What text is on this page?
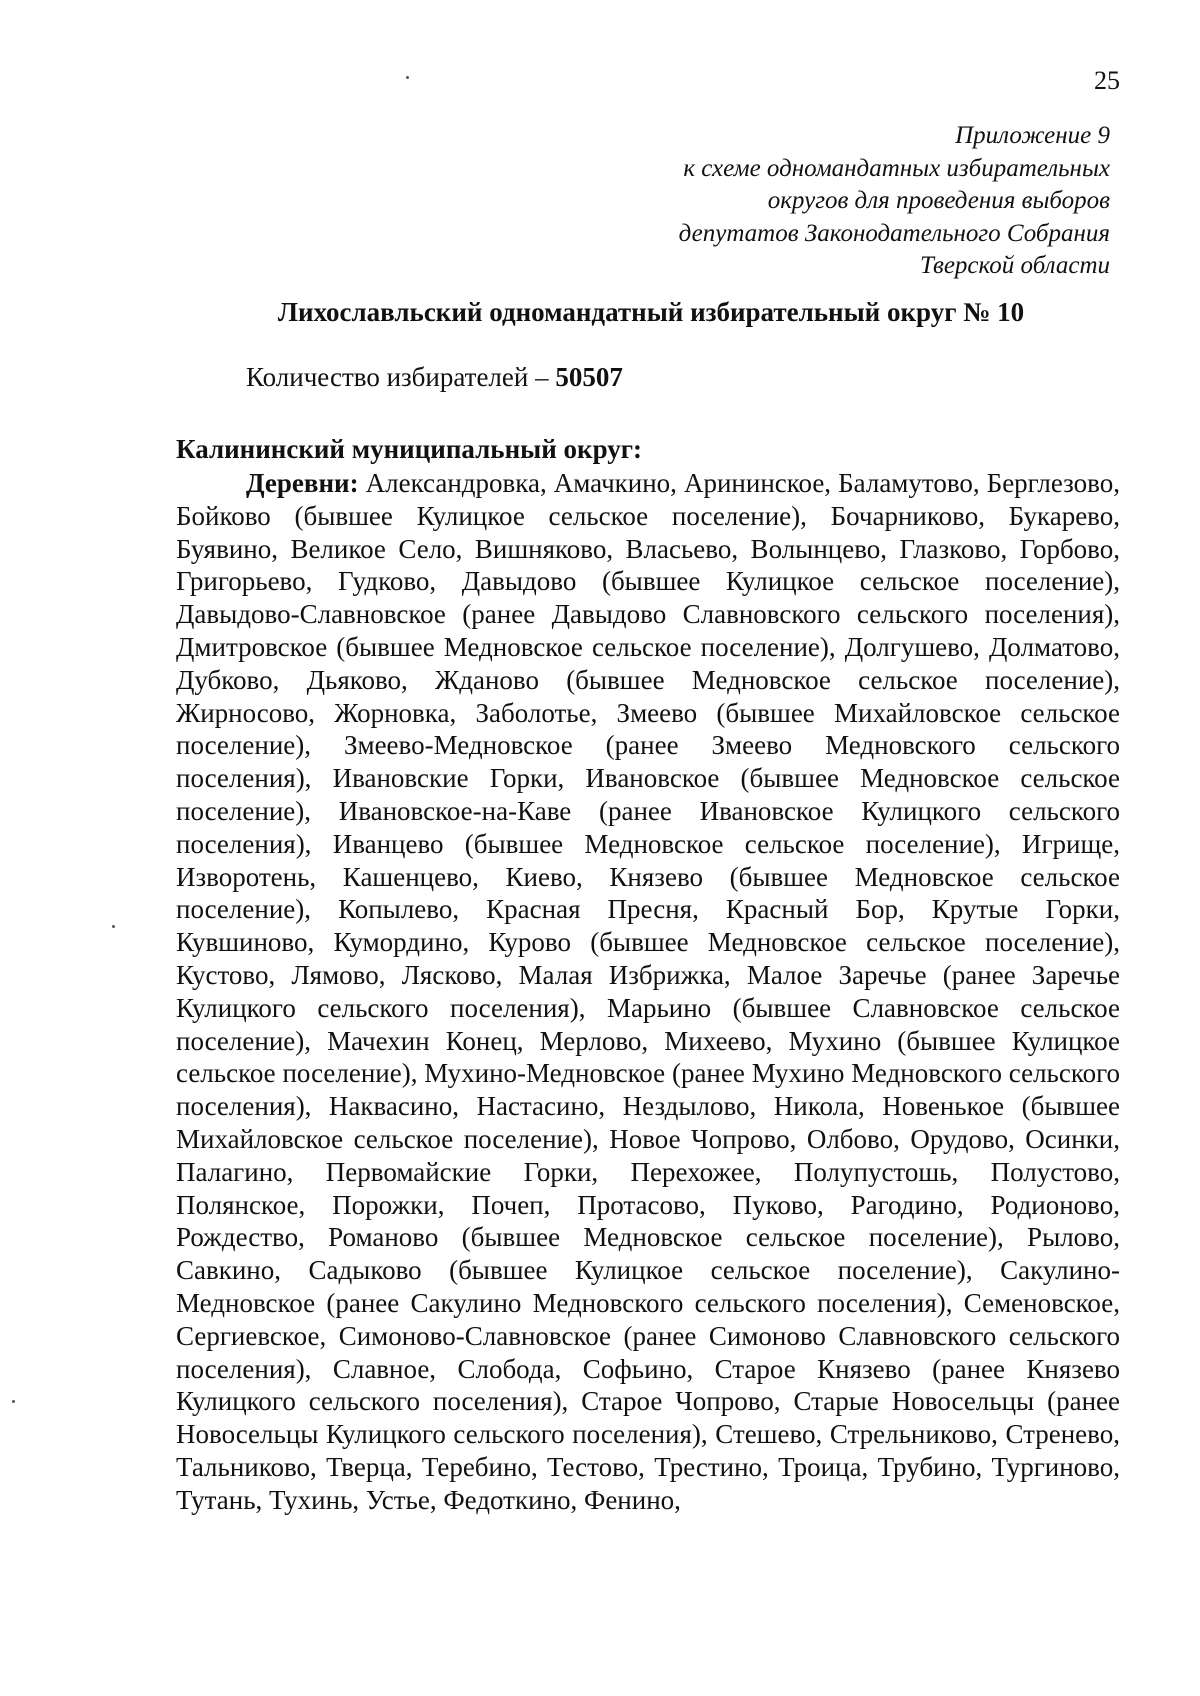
25
Приложение 9
к схеме одномандатных избирательных
округов для проведения выборов
депутатов Законодательного Собрания
Тверской области
Лихославльский одномандатный избирательный округ № 10
Количество избирателей – 50507
Калининский муниципальный округ:

Деревни: Александровка, Амачкино, Арининское, Баламутово, Берглезово, Бойково (бывшее Кулицкое сельское поселение), Бочарниково, Букарево, Буявино, Великое Село, Вишняково, Власьево, Волынцево, Глазково, Горбово, Григорьево, Гудково, Давыдово (бывшее Кулицкое сельское поселение), Давыдово-Славновское (ранее Давыдово Славновского сельского поселения), Дмитровское (бывшее Медновское сельское поселение), Долгушево, Долматово, Дубково, Дьяково, Жданово (бывшее Медновское сельское поселение), Жирносово, Жорновка, Заболотье, Змеево (бывшее Михайловское сельское поселение), Змеево-Медновское (ранее Змеево Медновского сельского поселения), Ивановские Горки, Ивановское (бывшее Медновское сельское поселение), Ивановское-на-Каве (ранее Ивановское Кулицкого сельского поселения), Иванцево (бывшее Медновское сельское поселение), Игрище, Изворотень, Кашенцево, Киево, Князево (бывшее Медновское сельское поселение), Копылево, Красная Пресня, Красный Бор, Крутые Горки, Кувшиново, Кумордино, Курово (бывшее Медновское сельское поселение), Кустово, Лямово, Лясково, Малая Избрижка, Малое Заречье (ранее Заречье Кулицкого сельского поселения), Марьино (бывшее Славновское сельское поселение), Мачехин Конец, Мерлово, Михеево, Мухино (бывшее Кулицкое сельское поселение), Мухино-Медновское (ранее Мухино Медновского сельского поселения), Наквасино, Настасино, Нездылово, Никола, Новенькое (бывшее Михайловское сельское поселение), Новое Чопрово, Олбово, Орудово, Осинки, Палагино, Первомайские Горки, Перехожее, Полупустошь, Полустово, Полянское, Порожки, Почеп, Протасово, Пуково, Рагодино, Родионово, Рождество, Романово (бывшее Медновское сельское поселение), Рылово, Савкино, Садыково (бывшее Кулицкое сельское поселение), Сакулино-Медновское (ранее Сакулино Медновского сельского поселения), Семеновское, Сергиевское, Симоново-Славновское (ранее Симоново Славновского сельского поселения), Славное, Слобода, Софьино, Старое Князево (ранее Князево Кулицкого сельского поселения), Старое Чопрово, Старые Новосельцы (ранее Новосельцы Кулицкого сельского поселения), Стешево, Стрельниково, Стренево, Тальниково, Тверца, Теребино, Тестово, Трестино, Троица, Трубино, Тургиново, Тутань, Тухинь, Устье, Федоткино, Фенино,
